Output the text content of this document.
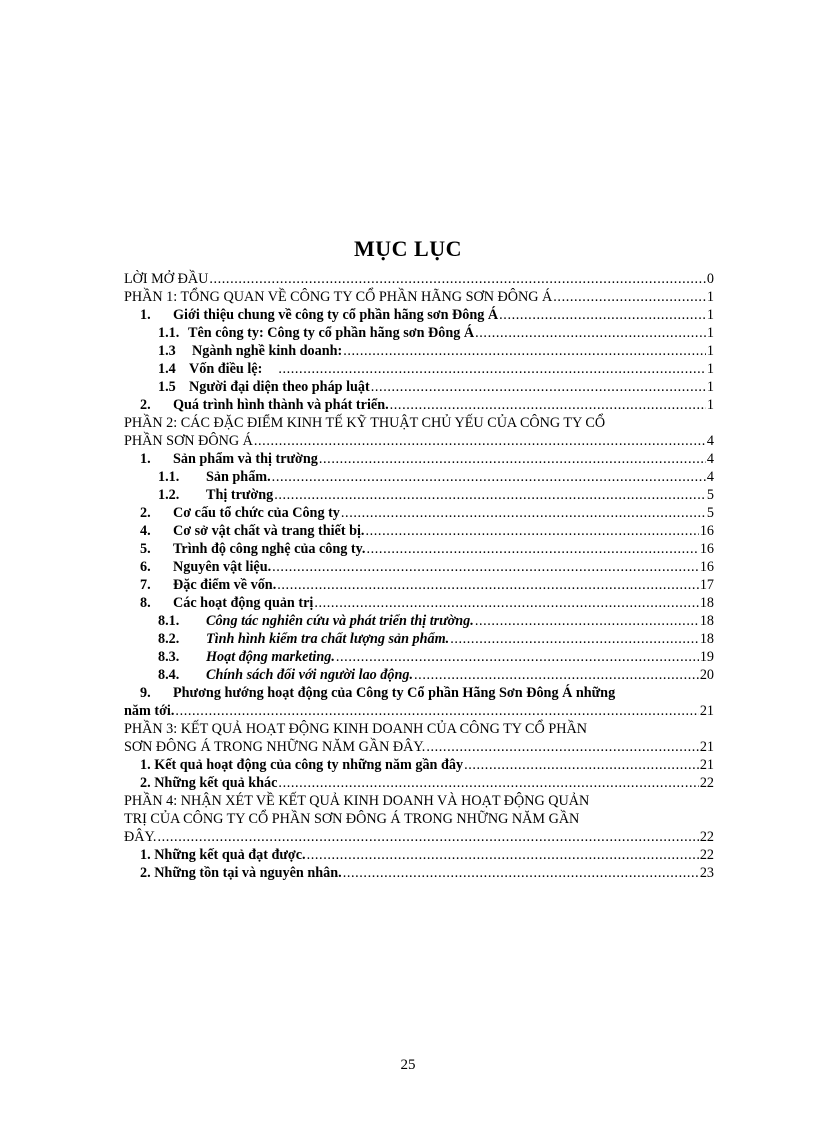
MỤC LỤC
LỜI MỞ ĐẦU .....	0
PHẦN 1: TỔNG QUAN VỀ CÔNG TY CỔ PHẦN HÃNG SƠN ĐÔNG Á .....	1
1. Giới thiệu chung về công ty cổ phần hãng sơn Đông Á .....	1
1.1. Tên công ty: Công ty cổ phần hãng sơn Đông Á .....	1
1.3 Ngành nghề kinh doanh: .....	1
1.4 Vốn điều lệ: .....	1
1.5 Người đại diện theo pháp luật .....	1
2. Quá trình hình thành và phát triển. .....	1
PHẦN 2: CÁC ĐẶC ĐIỂM KINH TẾ KỸ THUẬT CHỦ YẾU CỦA CÔNG TY CỔ
PHẦN SƠN ĐÔNG Á .....	4
1. Sản phẩm và thị trường .....	4
1.1. Sản phẩm. .....	4
1.2. Thị trường .....	5
2. Cơ cấu tổ chức của Công ty .....	5
4. Cơ sở vật chất và trang thiết bị. .....	16
5. Trình độ công nghệ của công ty. .....	16
6. Nguyên vật liệu. .....	16
7. Đặc điểm về vốn. .....	17
8. Các hoạt động quản trị .....	18
8.1. Công tác nghiên cứu và phát triển thị trường. .....	18
8.2. Tình hình kiểm tra chất lượng sản phẩm. .....	18
8.3. Hoạt động marketing. .....	19
8.4. Chính sách đối với người lao động. .....	20
9. Phương hướng hoạt động của Công ty Cổ phần Hãng Sơn Đông Á những
năm tới. .....	21
PHẦN 3: KẾT QUẢ HOẠT ĐỘNG KINH DOANH CỦA CÔNG TY CỔ PHẦN
SƠN ĐÔNG Á TRONG NHỮNG NĂM GẦN ĐÂY. .....	21
1. Kết quả hoạt động của công ty những năm gần đây .....	21
2. Những kết quả khác .....	22
PHẦN 4: NHẬN XÉT VỀ KẾT QUẢ KINH DOANH VÀ HOẠT ĐỘNG QUẢN
TRỊ CỦA CÔNG TY CỔ PHẦN SƠN ĐÔNG Á TRONG NHỮNG NĂM GẦN
ĐÂY. .....	22
1. Những kết quả đạt được. .....	22
2. Những tồn tại và nguyên nhân. .....	23
25
